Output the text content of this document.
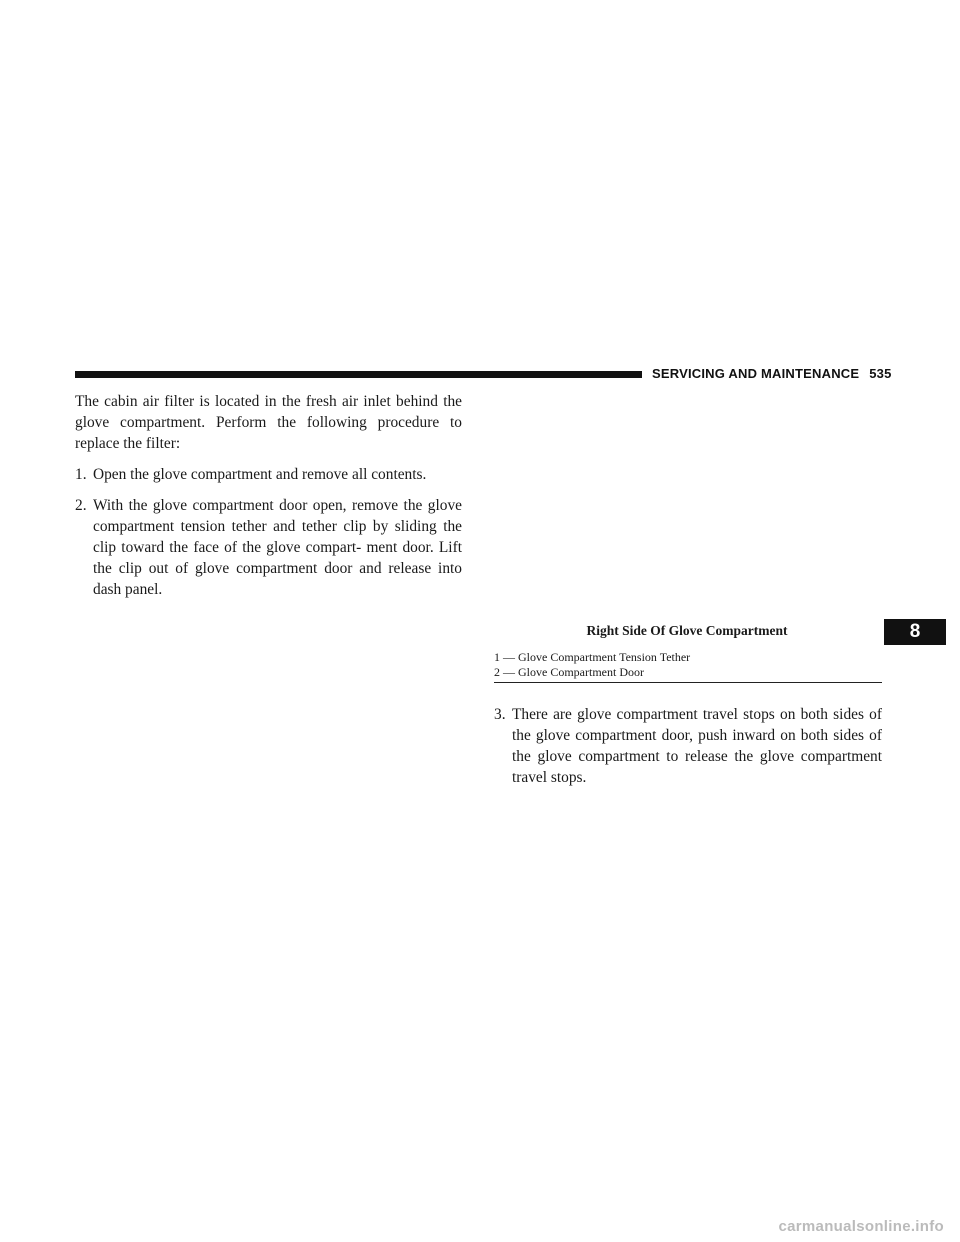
SERVICING AND MAINTENANCE 535

The cabin air filter is located in the fresh air inlet behind the glove compartment. Perform the following procedure to replace the filter:

1. Open the glove compartment and remove all contents.
2. With the glove compartment door open, remove the glove compartment tension tether and tether clip by sliding the clip toward the face of the glove compart- ment door. Lift the clip out of glove compartment door and release into dash panel.
Right Side Of Glove Compartment
1 — Glove Compartment Tension Tether
2 — Glove Compartment Door
3. There are glove compartment travel stops on both sides of the glove compartment door, push inward on both sides of the glove compartment to release the glove compartment travel stops.
8
carmanualsonline.info
